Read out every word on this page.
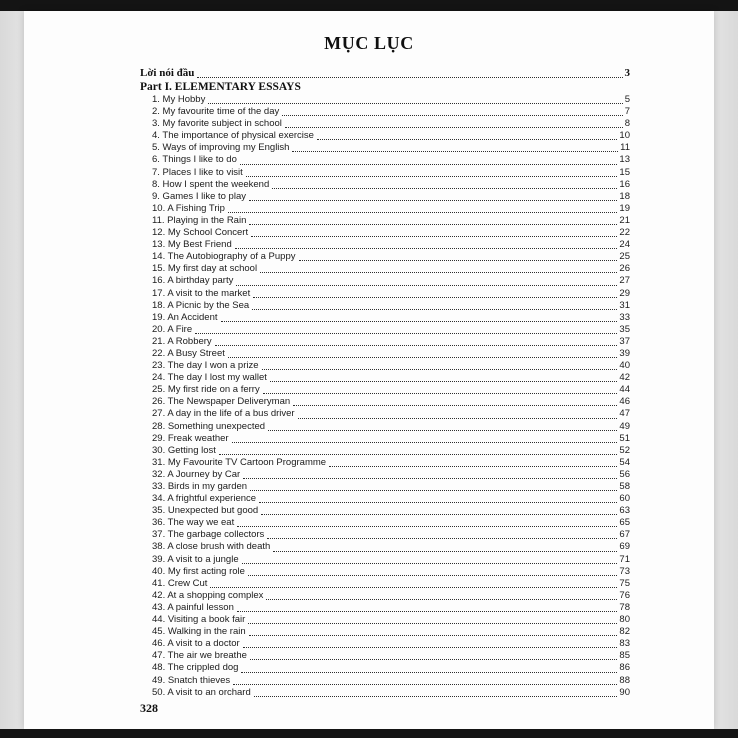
MỤC LỤC
Lời nói đầu	3
Part I. ELEMENTARY ESSAYS
1. My Hobby	5
2. My favourite time of the day	7
3. My favorite subject in school	8
4. The importance of physical exercise	10
5. Ways of improving my English	11
6. Things I like to do	13
7. Places I like to visit	15
8. How I spent the weekend	16
9. Games I like to play	18
10. A Fishing Trip	19
11. Playing in the Rain	21
12. My School Concert	22
13. My Best Friend	24
14. The Autobiography of a Puppy	25
15. My first day at school	26
16. A birthday party	27
17. A visit to the market	29
18. A Picnic by the Sea	31
19. An Accident	33
20. A Fire	35
21. A Robbery	37
22. A Busy Street	39
23. The day I won a prize	40
24. The day I lost my wallet	42
25. My first ride on a ferry	44
26. The Newspaper Deliveryman	46
27. A day in the life of a bus driver	47
28. Something unexpected	49
29. Freak weather	51
30. Getting lost	52
31. My Favourite TV Cartoon Programme	54
32. A Journey by Car	56
33. Birds in my garden	58
34. A frightful experience	60
35. Unexpected but good	63
36. The way we eat	65
37. The garbage collectors	67
38. A close brush with death	69
39. A visit to a jungle	71
40. My first acting role	73
41. Crew Cut	75
42. At a shopping complex	76
43. A painful lesson	78
44. Visiting a book fair	80
45. Walking in the rain	82
46. A visit to a doctor	83
47. The air we breathe	85
48. The crippled dog	86
49. Snatch thieves	88
50. A visit to an orchard	90
328
